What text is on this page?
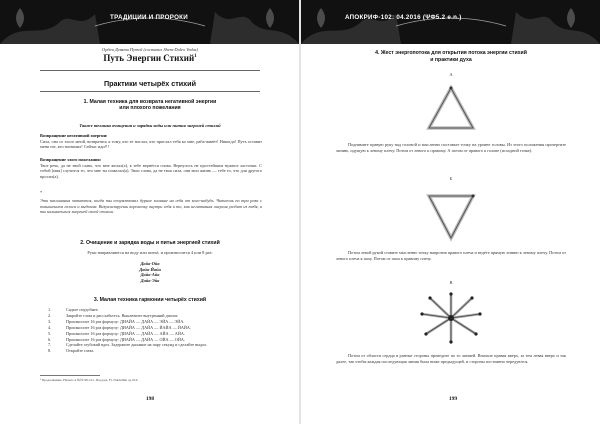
ТРАДИЦИИ И ПРОРОКИ
Орден Девяти Путей (составил Shem-Daleo Vedas)
Путь Энергии Стихий$^1$
Практики четырёх стихий
1. Малая техника для возврата негативной энергии
или плохого пожелания
Также техника очищения и зарядки воды или пития энергией стихий
Возвращение негативной энергии:
Сила, она со злого мной, возвратись к тому, кто ее наслал, кто прислал тебя ко мне, раба-живёт! Никогда! Путь оставит меня тот, кто назначил! Сейчас иди!!!
Возвращение злого пожелания:
Твое речь, да не твой славо, что мне желал(а), к тебе вернётся снова. Вернулось не простейшим нужное ласточки. С тобой [имя] случится то, что мне ты пожелал(а). Твои слова, да не твоя сила, они мои жизнь — тебе то, что для другого просил(а).
*
Эти заклинания читаются, когда ты почувствовал дурное влияние на себя от кого-нибудь. Читаешь по три раза с повышением голоса и выдохом. Визуализируешь вороночку внутри себя и то, как негативная энергия уходит из тебя, и ты наливаешься энергией своей стихии.
2. Очищение и зарядка воды и питья энергией стихий
Руки направляются на воду или питьё, и произносится 4 или 8 раз:
Дайа-Ойа
Дайа-Йайа
Дайа-Айа
Дайа-Эйа
3. Малая техника гармонии четырёх стихий
1.	Сядьте поудобнее.
2.	Закройте глаза и расслабьтесь. Выключите внутренний диалог.
3.	Произносите 16 раз формулу: ДИАЙА — ДАЙА — ЭЙА — ЭЙА.
4.	Произносите 16 раз формулу: ДИАЙА — ДАЙА — ЙАЙА — ЙАЙА.
5.	Произносите 16 раз формулу: ДИАЙА — ДАЙА — АЙА — АЙА.
6.	Произносите 16 раз формулу: ДИАЙА — ДАЙА — ОЙА — ОЙА.
7.	Сделайте глубокий вдох. Задержите дыхание на пару секунд и сделайте выдох.
8.	Откройте глаза.
¹ Продолжение. Начало в №№ 99-101. Под ред. Fr. Nurdathin op 016.
198
АПОКРИФ-102: 04.2016 (ΨΦ5.2 e.n.)
4. Жест энергопотока для открытия потока энергии стихий
и практики духа
А
Поднимите правую руку над головой и мысленно поставьте точку на уровне головы. Из этого положения прочертите линию, идущую к левому плечу. Потом от левого к правому. А потом от правого к голове (исходной точке).
Б
Потом левой рукой ставите мысленно точку напротив правого плеча и ведёте прямую линию к левому плечу. Потом от левого плеча к паху. Потом от паха к правому плечу.
В
Потом от области сердца в разные стороны проведите по то линией. Вначале правая вверх, за тем левая вверх и так далее, так чтобы каждая последующая линия была ниже предыдущей, и стороны постоянно чередуются.
199
